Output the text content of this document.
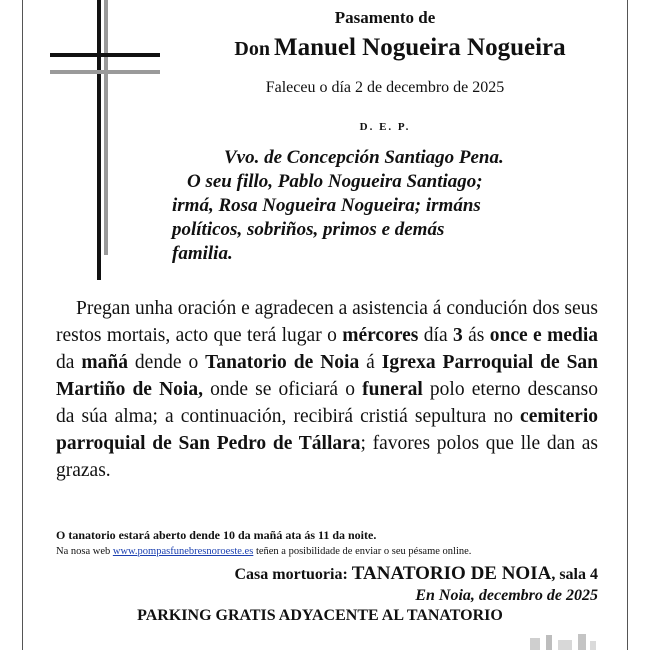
Pasamento de
Don Manuel Nogueira Nogueira
Faleceu o día 2 de decembro de 2025
D. E. P.

Vvo. de Concepción Santiago Pena.

O seu fillo, Pablo Nogueira Santiago;

irmá, Rosa Nogueira Nogueira; irmáns

políticos, sobriños, primos e demás

familia.

Pregan unha oración e agradecen a asistencia á condución dos seus restos mortais, acto que terá lugar o mércores día 3 ás once e media da mañá dende o Tanatorio de Noia á Igrexa Parroquial de San Martiño de Noia, onde se oficiará o funeral polo eterno descanso da súa alma; a continuación, recibirá cristiá sepultura no cemiterio parroquial de San Pedro de Tállara; favores polos que lle dan as grazas.
O tanatorio estará aberto dende 10 da mañá ata ás 11 da noite.
Na nosa web www.pompasfunebresnoroeste.es teñen a posibilidade de enviar o seu pésame online.
Casa mortuoria: TANATORIO DE NOIA, sala 4
En Noia, decembro de 2025
PARKING GRATIS ADYACENTE AL TANATORIO
